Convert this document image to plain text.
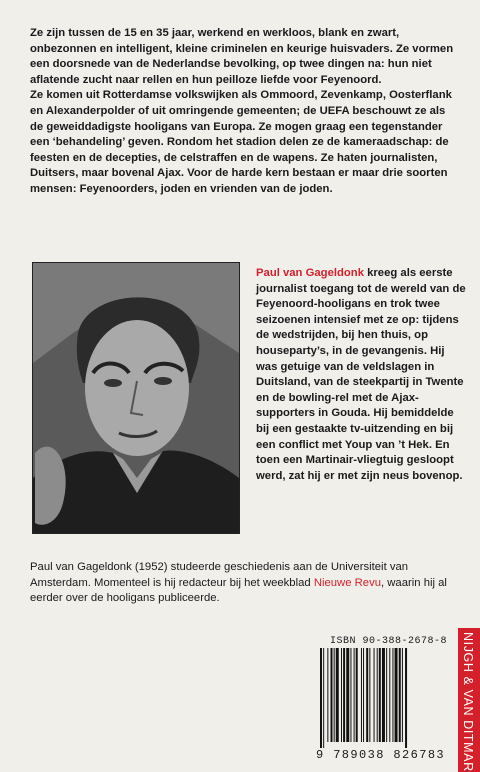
Ze zijn tussen de 15 en 35 jaar, werkend en werkloos, blank en zwart, onbezonnen en intelligent, kleine criminelen en keurige huisvaders. Ze vormen een doorsnede van de Nederlandse bevolking, op twee dingen na: hun niet aflatende zucht naar rellen en hun peilloze liefde voor Feyenoord.

Ze komen uit Rotterdamse volkswijken als Ommoord, Zevenkamp, Oosterflank en Alexanderpolder of uit omringende gemeenten; de UEFA beschouwt ze als de geweiddadigste hooligans van Europa. Ze mogen graag een tegenstander een ‘behandeling’ geven. Rondom het stadion delen ze de kameraadschap: de feesten en de decepties, de celstraffen en de wapens. Ze haten journalisten, Duitsers, maar bovenal Ajax. Voor de harde kern bestaan er maar drie soorten mensen: Feyenoorders, joden en vrienden van de joden.

Paul van Gageldonk kreeg als eerste journalist toegang tot de wereld van de Feyenoord-hooligans en trok twee seizoenen intensief met ze op: tijdens de wedstrijden, bij hen thuis, op houseparty’s, in de gevangenis. Hij was getuige van de veldslagen in Duitsland, van de steekpartij in Twente en de bowling-rel met de Ajax-supporters in Gouda. Hij bemiddelde bij een gestaakte tv-uitzending en bij een conflict met Youp van ’t Hek. En toen een Martinair-vliegtuig gesloopt werd, zat hij er met zijn neus bovenop.

Paul van Gageldonk (1952) studeerde geschiedenis aan de Universiteit van Amsterdam. Momenteel is hij redacteur bij het weekblad Nieuwe Revu, waarin hij al eerder over de hooligans publiceerde.

ISBN 90-388-2678-8
9 789038 826783 NIJGH & VAN DITMAR
